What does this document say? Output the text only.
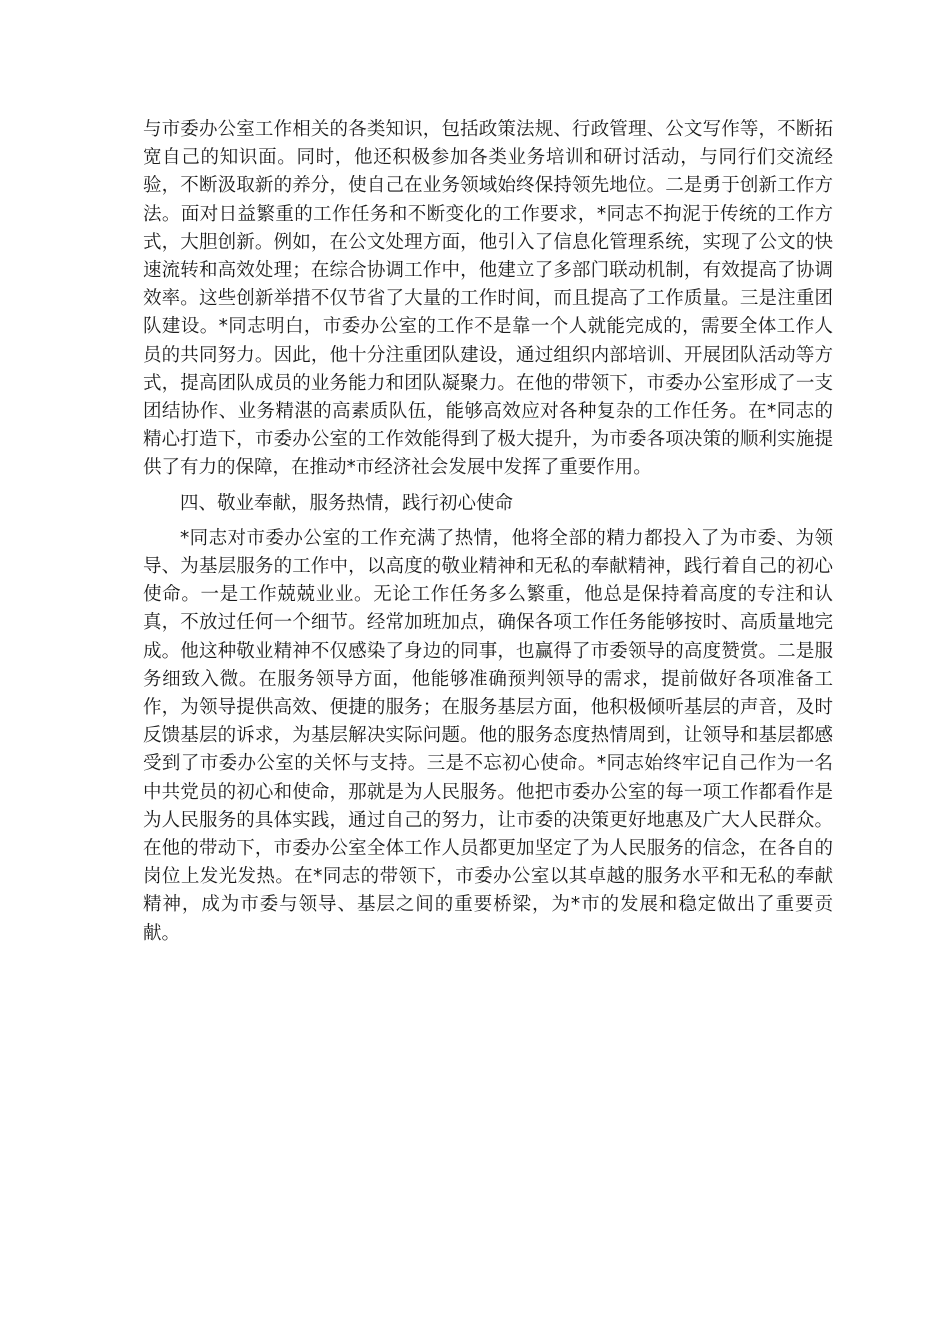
与市委办公室工作相关的各类知识，包括政策法规、行政管理、公文写作等，不断拓宽自己的知识面。同时，他还积极参加各类业务培训和研讨活动，与同行们交流经验，不断汲取新的养分，使自己在业务领域始终保持领先地位。二是勇于创新工作方法。面对日益繁重的工作任务和不断变化的工作要求，*同志不拘泥于传统的工作方式，大胆创新。例如，在公文处理方面，他引入了信息化管理系统，实现了公文的快速流转和高效处理；在综合协调工作中，他建立了多部门联动机制，有效提高了协调效率。这些创新举措不仅节省了大量的工作时间，而且提高了工作质量。三是注重团队建设。*同志明白，市委办公室的工作不是靠一个人就能完成的，需要全体工作人员的共同努力。因此，他十分注重团队建设，通过组织内部培训、开展团队活动等方式，提高团队成员的业务能力和团队凝聚力。在他的带领下，市委办公室形成了一支团结协作、业务精湛的高素质队伍，能够高效应对各种复杂的工作任务。在*同志的精心打造下，市委办公室的工作效能得到了极大提升，为市委各项决策的顺利实施提供了有力的保障，在推动*市经济社会发展中发挥了重要作用。

四、敬业奉献，服务热情，践行初心使命

*同志对市委办公室的工作充满了热情，他将全部的精力都投入了为市委、为领导、为基层服务的工作中，以高度的敬业精神和无私的奉献精神，践行着自己的初心使命。一是工作兢兢业业。无论工作任务多么繁重，他总是保持着高度的专注和认真，不放过任何一个细节。经常加班加点，确保各项工作任务能够按时、高质量地完成。他这种敬业精神不仅感染了身边的同事，也赢得了市委领导的高度赞赏。二是服务细致入微。在服务领导方面，他能够准确预判领导的需求，提前做好各项准备工作，为领导提供高效、便捷的服务；在服务基层方面，他积极倾听基层的声音，及时反馈基层的诉求，为基层解决实际问题。他的服务态度热情周到，让领导和基层都感受到了市委办公室的关怀与支持。三是不忘初心使命。*同志始终牢记自己作为一名中共党员的初心和使命，那就是为人民服务。他把市委办公室的每一项工作都看作是为人民服务的具体实践，通过自己的努力，让市委的决策更好地惠及广大人民群众。在他的带动下，市委办公室全体工作人员都更加坚定了为人民服务的信念，在各自的岗位上发光发热。在*同志的带领下，市委办公室以其卓越的服务水平和无私的奉献精神，成为市委与领导、基层之间的重要桥梁，为*市的发展和稳定做出了重要贡献。
